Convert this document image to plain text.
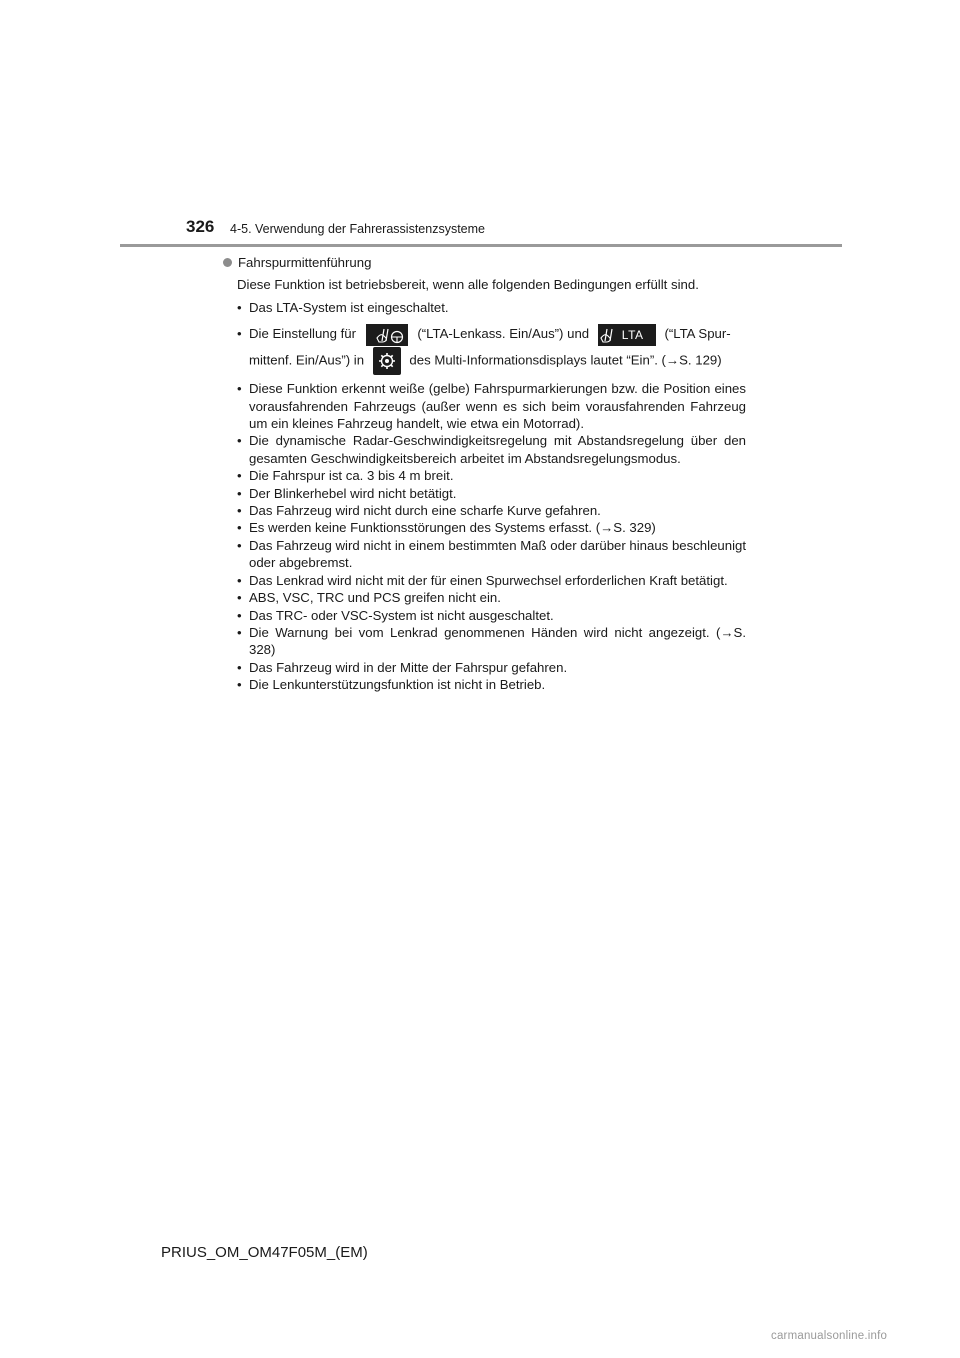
326 4-5. Verwendung der Fahrerassistenzsysteme
Fahrspurmittenführung
Diese Funktion ist betriebsbereit, wenn alle folgenden Bedingungen erfüllt sind.
• Das LTA-System ist eingeschaltet.
• Die Einstellung für	(“LTA-Lenkass. Ein/Aus”) und	LTA (“LTA Spur-
mittenf. Ein/Aus”) in	des Multi-Informationsdisplays lautet “Ein”. (→S. 129)
• Diese Funktion erkennt weiße (gelbe) Fahrspurmarkierungen bzw. die Position eines vorausfahrenden Fahrzeugs (außer wenn es sich beim vorausfahrenden Fahrzeug um ein kleines Fahrzeug handelt, wie etwa ein Motorrad).
• Die dynamische Radar-Geschwindigkeitsregelung mit Abstandsregelung über den gesamten Geschwindigkeitsbereich arbeitet im Abstandsregelungsmodus.
• Die Fahrspur ist ca. 3 bis 4 m breit.
• Der Blinkerhebel wird nicht betätigt.
• Das Fahrzeug wird nicht durch eine scharfe Kurve gefahren.
• Es werden keine Funktionsstörungen des Systems erfasst. (→S. 329)
• Das Fahrzeug wird nicht in einem bestimmten Maß oder darüber hinaus beschleunigt oder abgebremst.
• Das Lenkrad wird nicht mit der für einen Spurwechsel erforderlichen Kraft betätigt.
• ABS, VSC, TRC und PCS greifen nicht ein.
• Das TRC- oder VSC-System ist nicht ausgeschaltet.
• Die Warnung bei vom Lenkrad genommenen Händen wird nicht angezeigt. (→S. 328)
• Das Fahrzeug wird in der Mitte der Fahrspur gefahren.
• Die Lenkunterstützungsfunktion ist nicht in Betrieb.
PRIUS_OM_OM47F05M_(EM)
carmanualsonline.info
